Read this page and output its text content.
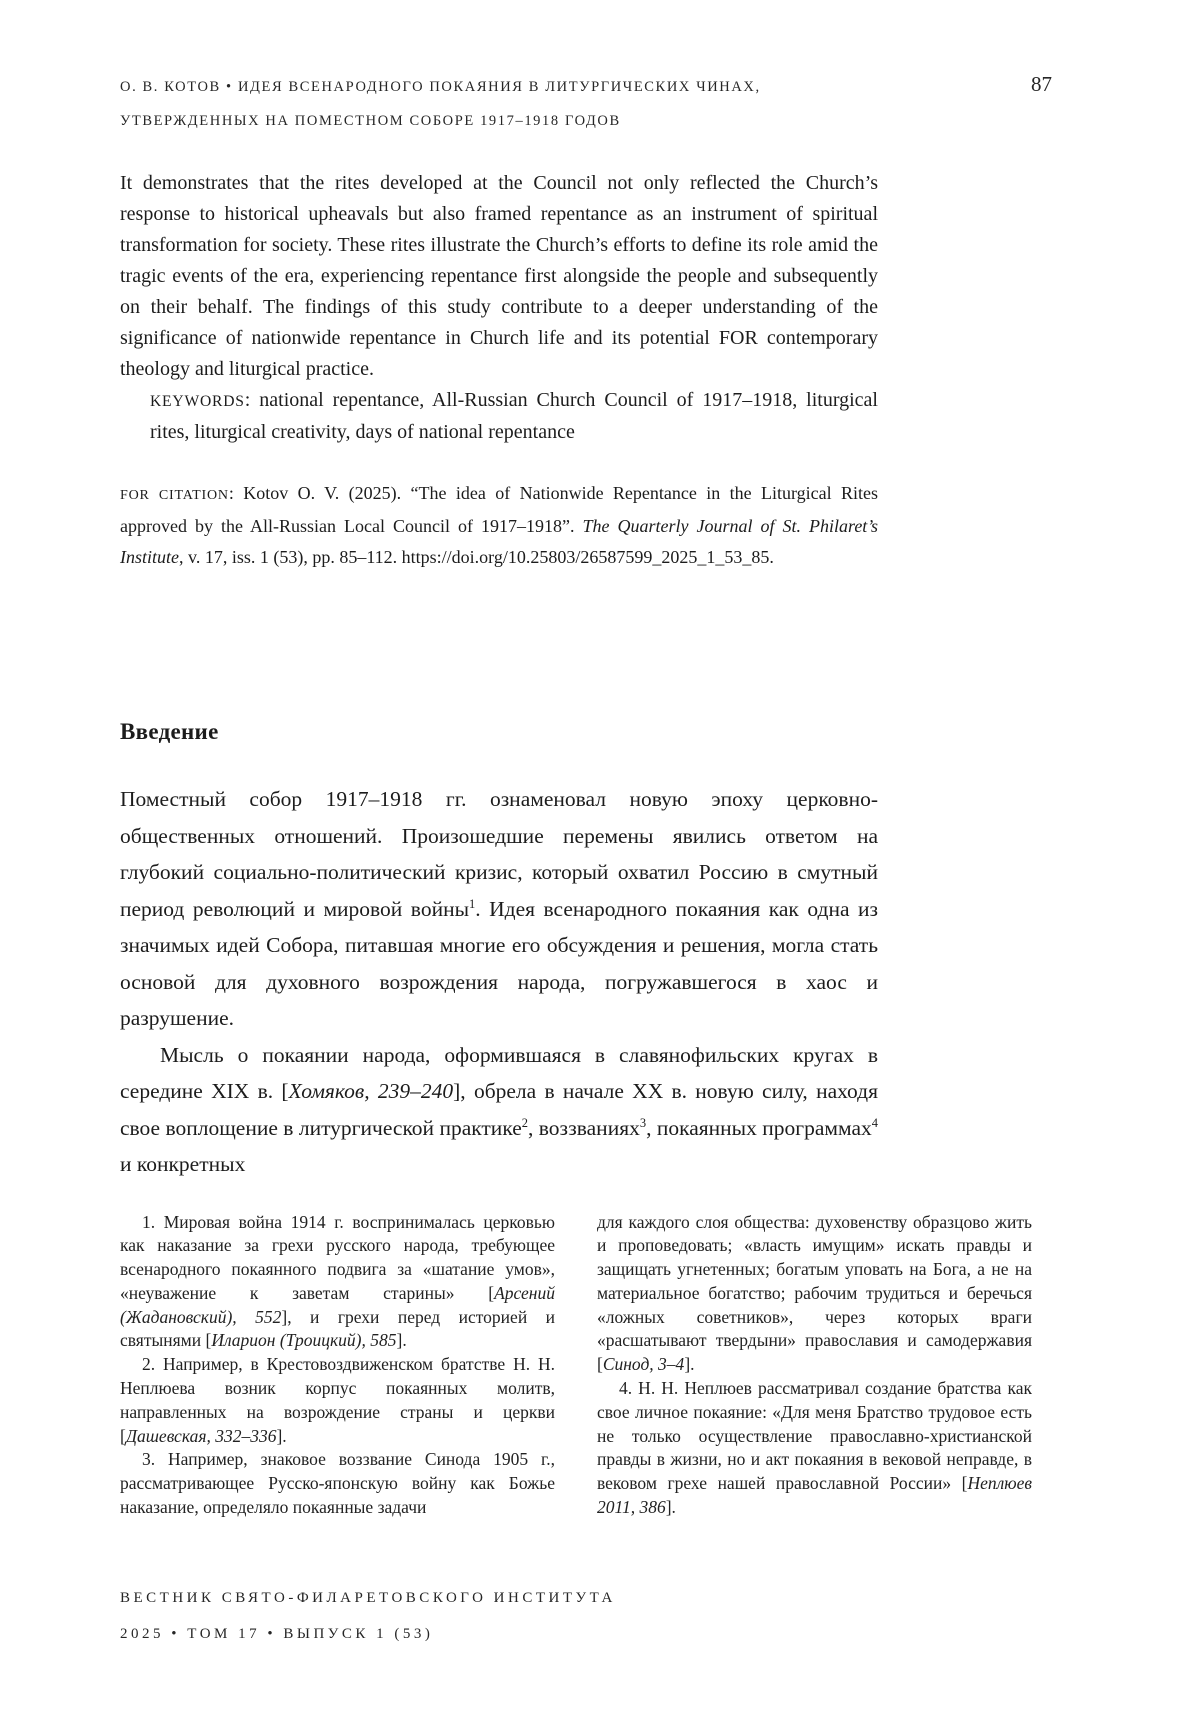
О. В. КОТОВ • ИДЕЯ ВСЕНАРОДНОГО ПОКАЯНИЯ В ЛИТУРГИЧЕСКИХ ЧИНАХ,
УТВЕРЖДЕННЫХ НА ПОМЕСТНОМ СОБОРЕ 1917–1918 ГОДОВ
87

It demonstrates that the rites developed at the Council not only reflected the Church’s response to historical upheavals but also framed repentance as an instrument of spiritual transformation for society. These rites illustrate the Church’s efforts to define its role amid the tragic events of the era, experiencing repentance first alongside the people and subsequently on their behalf. The findings of this study contribute to a deeper understanding of the significance of nationwide repentance in Church life and its potential FOR contemporary theology and liturgical practice.

KEYWORDS: national repentance, All-Russian Church Council of 1917–1918, liturgical rites, liturgical creativity, days of national repentance

FOR CITATION: Kotov O. V. (2025). “The idea of Nationwide Repentance in the Liturgical Rites approved by the All-Russian Local Council of 1917–1918”. The Quarterly Journal of St. Philaret’s Institute, v. 17, iss. 1 (53), pp. 85–112. https://doi.org/10.25803/26587599_2025_1_53_85.

Введение

Поместный собор 1917–1918 гг. ознаменовал новую эпоху церковно-общественных отношений. Произошедшие перемены явились ответом на глубокий социально-политический кризис, который охватил Россию в смутный период революций и мировой войны$^1$. Идея всенародного покаяния как одна из значимых идей Собора, питавшая многие его обсуждения и решения, могла стать основой для духовного возрождения народа, погружавшегося в хаос и разрушение.

Мысль о покаянии народа, оформившаяся в славянофильских кругах в середине XIX в. [Хомяков, 239–240], обрела в начале XX в. новую силу, находя свое воплощение в литургической практике$^2$, воззваниях$^3$, покаянных программах$^4$ и конкретных

1. Мировая война 1914 г. воспринималась церковью как наказание за грехи русского народа, требующее всенародного покаянного подвига за «шатание умов», «неуважение к заветам старины» [Арсений (Жадановский), 552], и грехи перед историей и святынями [Иларион (Троицкий), 585].

2. Например, в Крестовоздвиженском братстве Н. Н. Неплюева возник корпус покаянных молитв, направленных на возрождение страны и церкви [Дашевская, 332–336].

3. Например, знаковое воззвание Синода 1905 г., рассматривающее Русско-японскую войну как Божье наказание, определяло покаянные задачи

для каждого слоя общества: духовенству образцово жить и проповедовать; «власть имущим» искать правды и защищать угнетенных; богатым уповать на Бога, а не на материальное богатство; рабочим трудиться и беречься «ложных советников», через которых враги «расшатывают твердыни» православия и самодержавия [Синод, 3–4].

4. Н. Н. Неплюев рассматривал создание братства как свое личное покаяние: «Для меня Братство трудовое есть не только осуществление православно-христианской правды в жизни, но и акт покаяния в вековой неправде, в вековом грехе нашей православной России» [Неплюев 2011, 386].

ВЕСТНИК СВЯТО-ФИЛАРЕТОВСКОГО ИНСТИТУТА
2025 • ТОМ 17 • ВЫПУСК 1 (53)
